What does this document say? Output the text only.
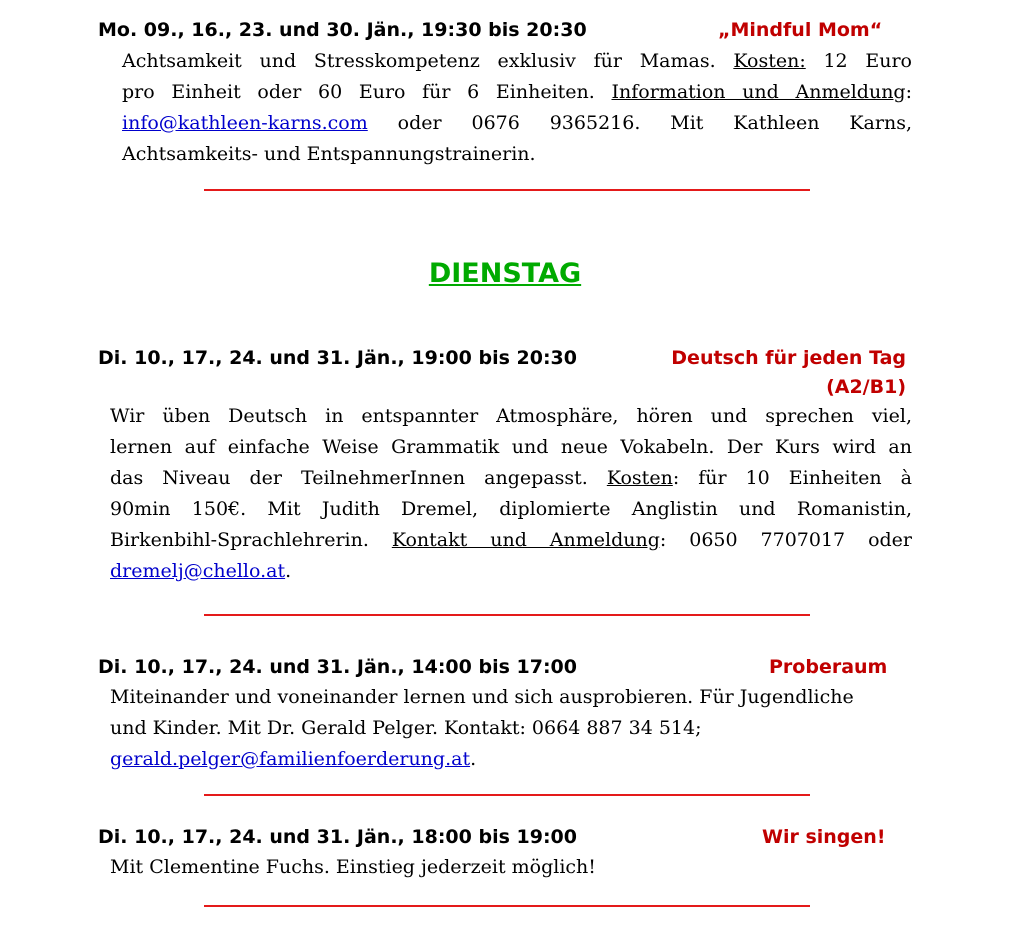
Mo. 09., 16., 23. und 30. Jän., 19:30 bis 20:30	„Mindful Mom“
Achtsamkeit und Stresskompetenz exklusiv für Mamas. Kosten: 12 Euro
pro Einheit oder 60 Euro für 6 Einheiten. Information und Anmeldung:
info@kathleen-karns.com oder 0676 9365216. Mit Kathleen Karns,
Achtsamkeits- und Entspannungstrainerin.
DIENSTAG
Di. 10., 17., 24. und 31. Jän., 19:00 bis 20:30	Deutsch für jeden Tag
(A2/B1)
Wir üben Deutsch in entspannter Atmosphäre, hören und sprechen viel,
lernen auf einfache Weise Grammatik und neue Vokabeln. Der Kurs wird an
das Niveau der TeilnehmerInnen angepasst. Kosten: für 10 Einheiten à
90min 150€. Mit Judith Dremel, diplomierte Anglistin und Romanistin,
Birkenbihl-Sprachlehrerin. Kontakt und Anmeldung: 0650 7707017 oder
dremelj@chello.at.
Di. 10., 17., 24. und 31. Jän., 14:00 bis 17:00	Proberaum
Miteinander und voneinander lernen und sich ausprobieren. Für Jugendliche
und Kinder. Mit Dr. Gerald Pelger. Kontakt: 0664 887 34 514;
gerald.pelger@familienfoerderung.at.
Di. 10., 17., 24. und 31. Jän., 18:00 bis 19:00	Wir singen!
Mit Clementine Fuchs. Einstieg jederzeit möglich!
